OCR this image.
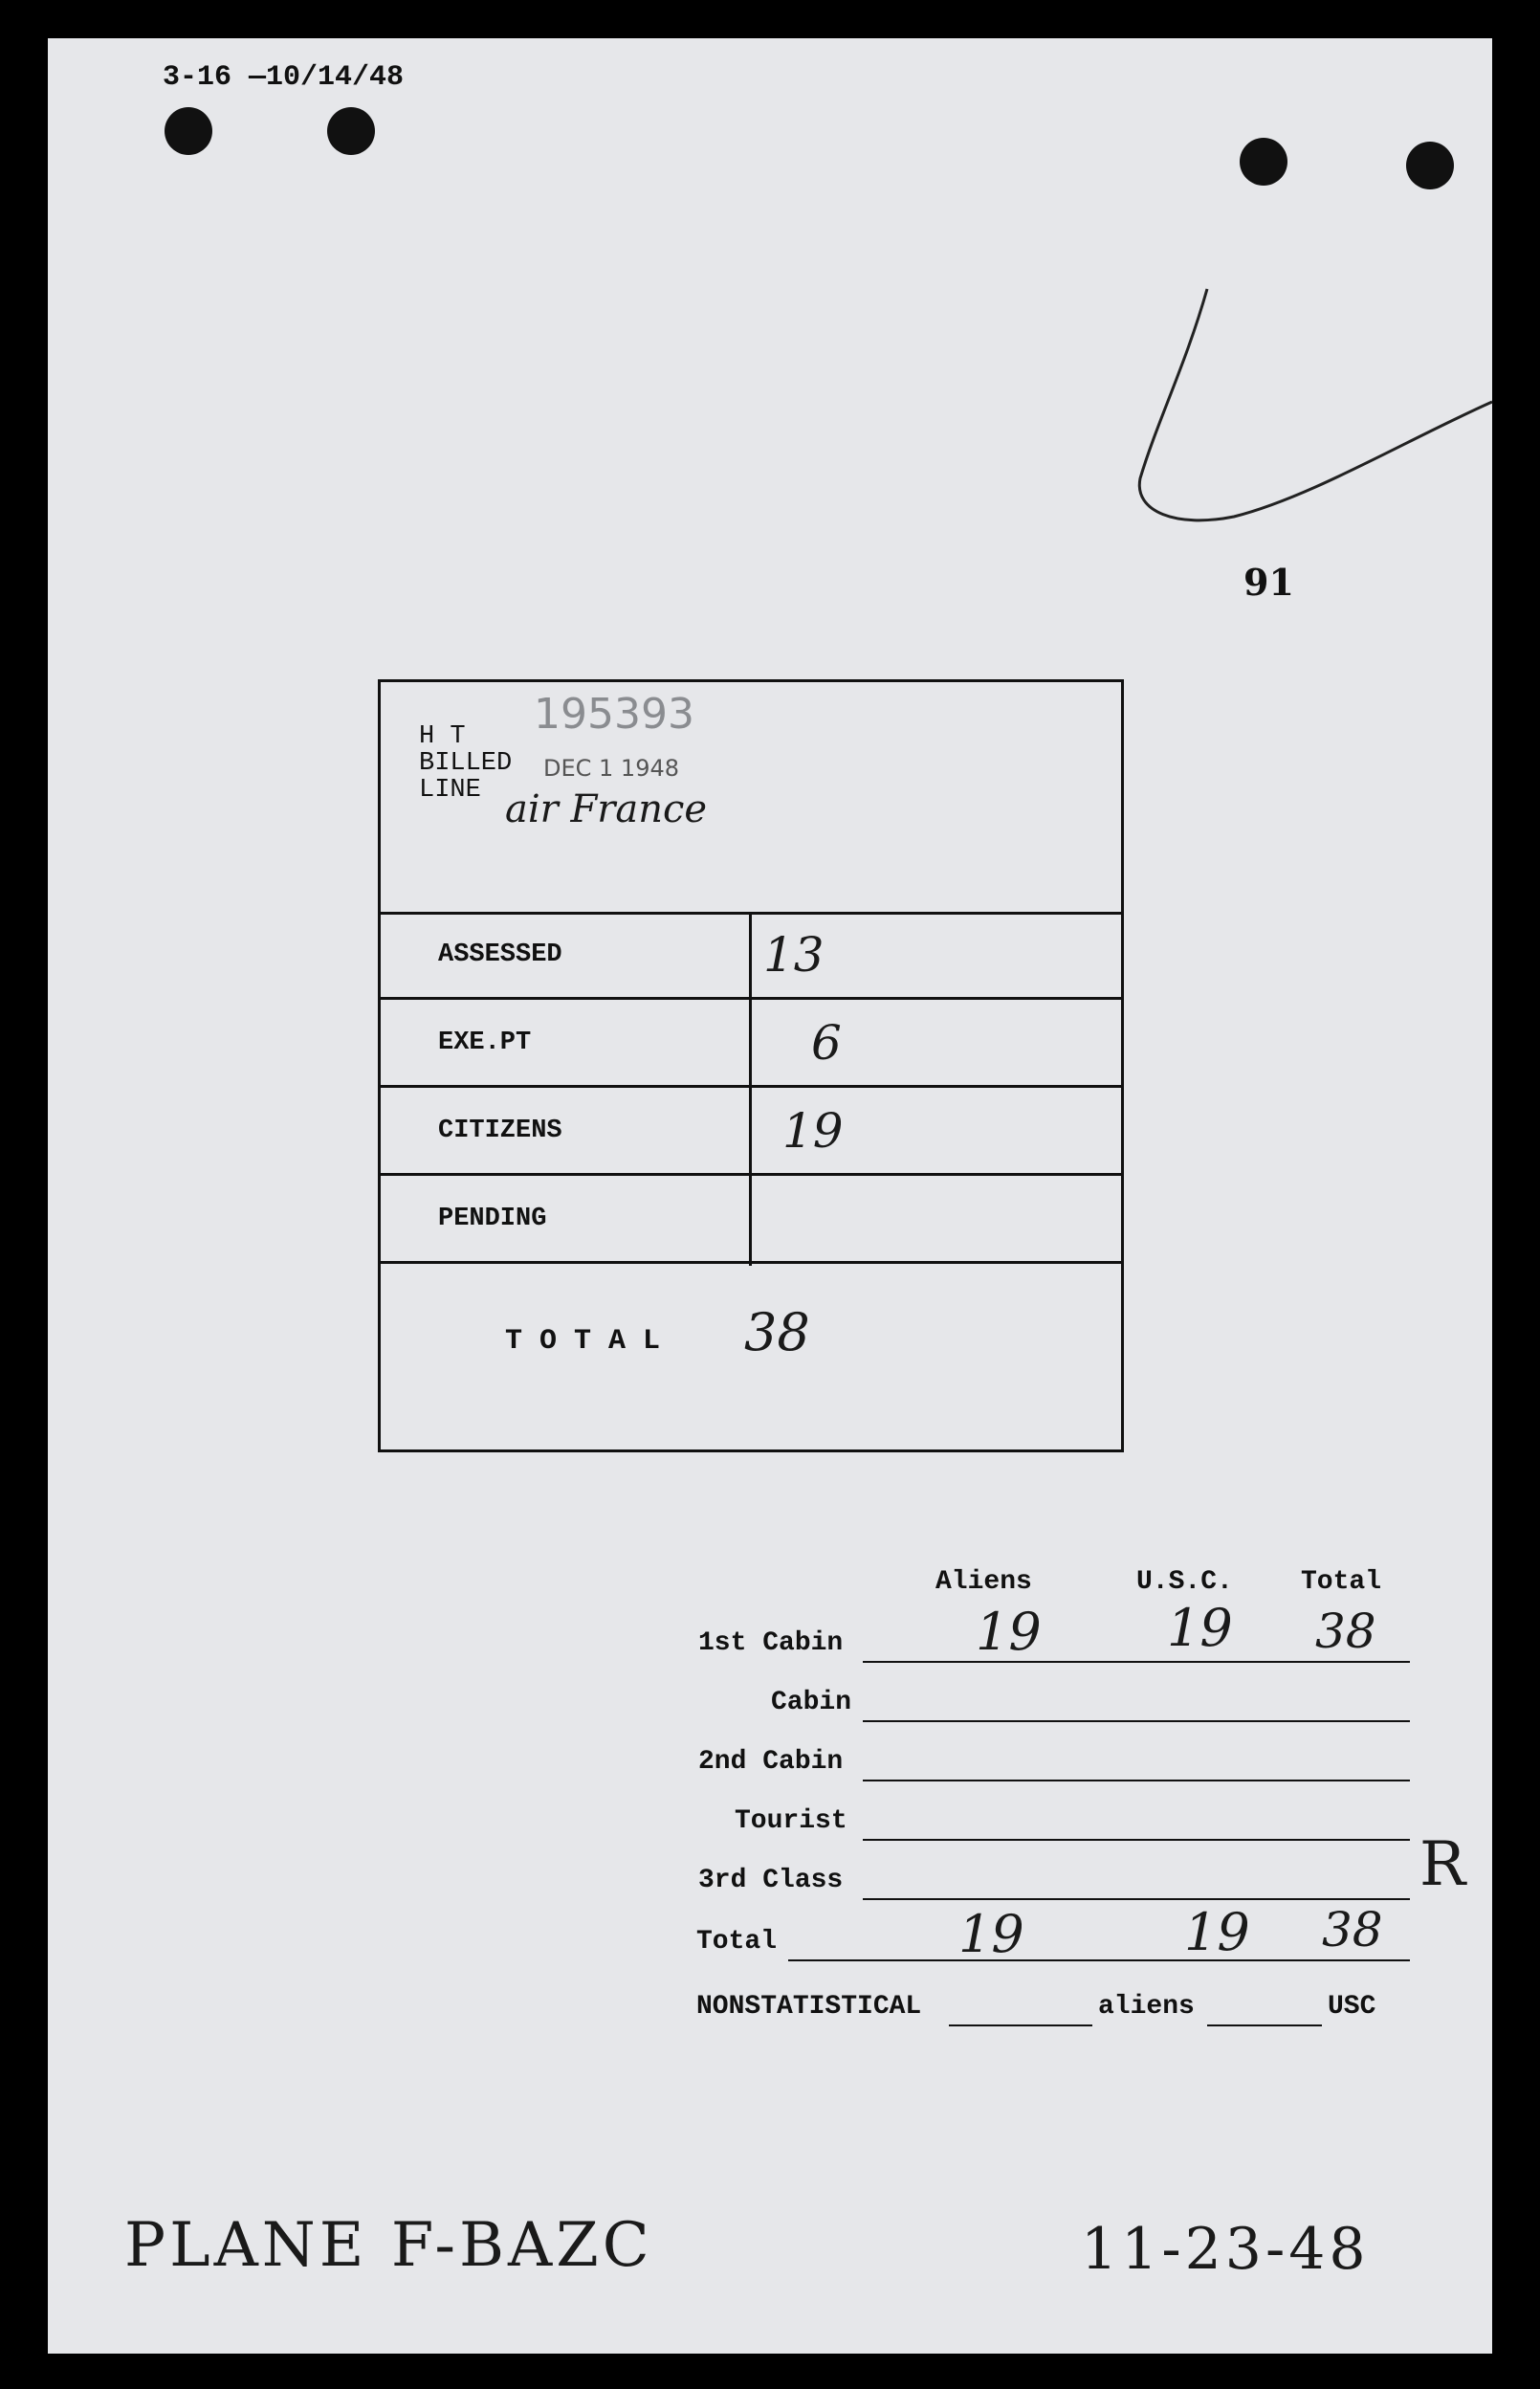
3-16 —10/14/48
91
H T 195393
BILLED DEC 1 1948
LINE air France
ASSESSED	13
EXE.PT	6
CITIZENS	19
PENDING
T O T A L 38
Aliens	U.S.C.	Total
1st Cabin	19 19 38
Cabin
2nd Cabin
Tourist
3rd Class
Total	19	19 38
NONSTATISTICAL	aliens	USC
R
PLANE F-BAZC	11-23-48
